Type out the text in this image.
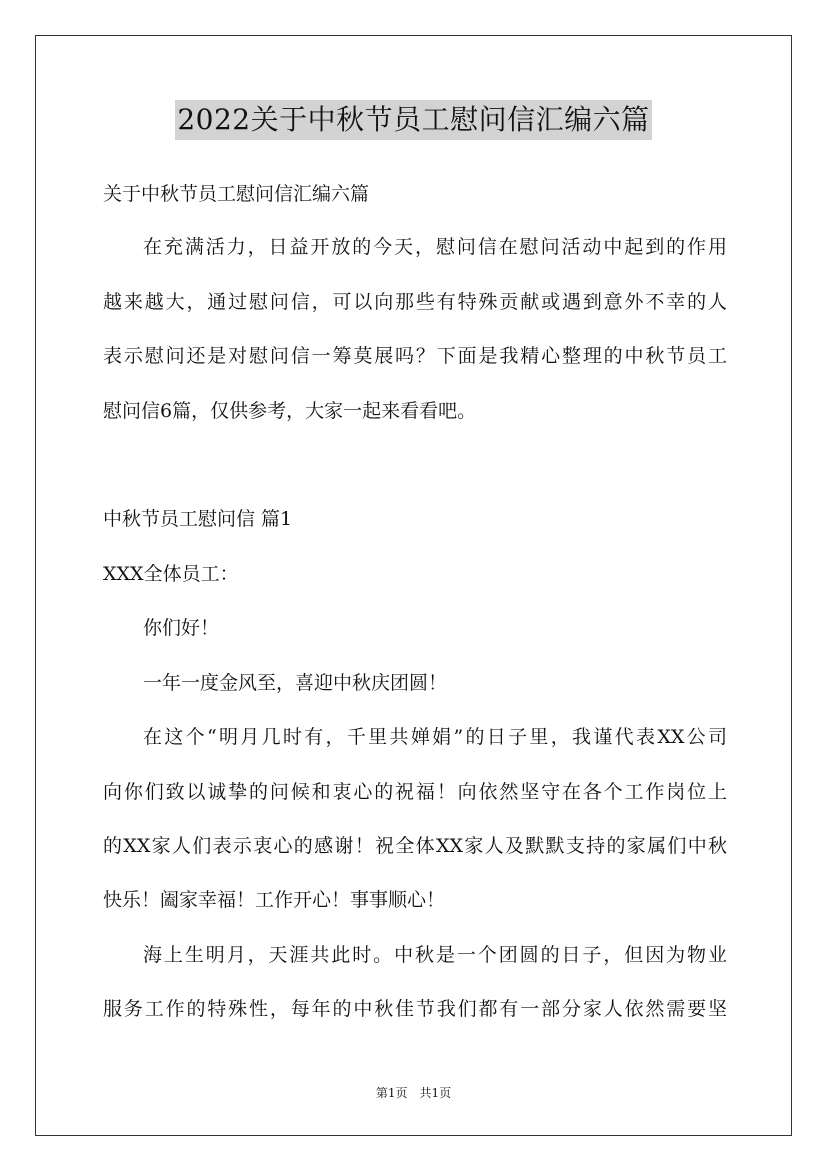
2022关于中秋节员工慰问信汇编六篇
关于中秋节员工慰问信汇编六篇
在充满活力，日益开放的今天，慰问信在慰问活动中起到的作用
越来越大，通过慰问信，可以向那些有特殊贡献或遇到意外不幸的人
表示慰问还是对慰问信一筹莫展吗？下面是我精心整理的中秋节员工
慰问信6篇，仅供参考，大家一起来看看吧。
中秋节员工慰问信 篇1
XXX全体员工：
你们好！
一年一度金风至，喜迎中秋庆团圆！
在这个“明月几时有，千里共婵娟”的日子里，我谨代表XX公司
向你们致以诚挚的问候和衷心的祝福！向依然坚守在各个工作岗位上
的XX家人们表示衷心的感谢！祝全体XX家人及默默支持的家属们中秋
快乐！阖家幸福！工作开心！事事顺心！
海上生明月，天涯共此时。中秋是一个团圆的日子，但因为物业
服务工作的特殊性，每年的中秋佳节我们都有一部分家人依然需要坚
第1页　共1页
